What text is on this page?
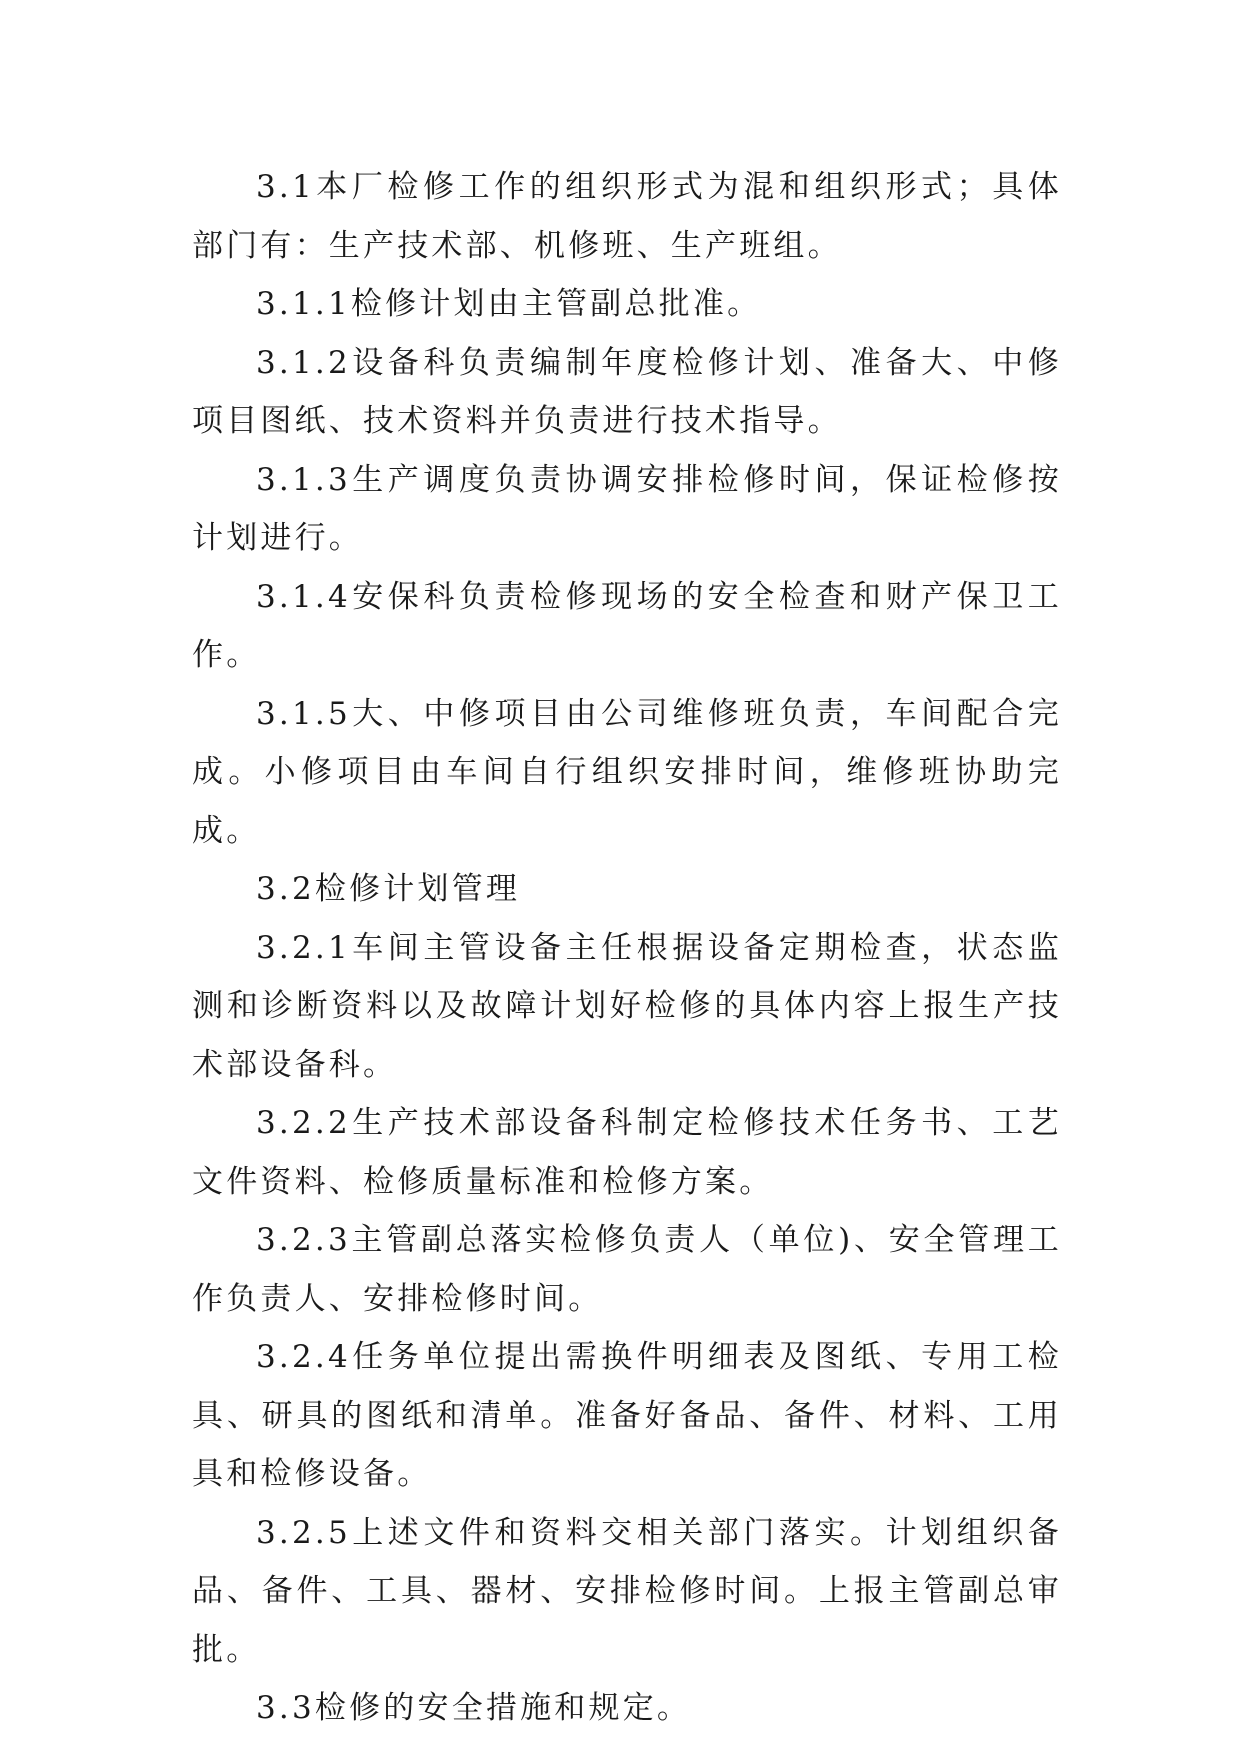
3.1本厂检修工作的组织形式为混和组织形式；具体部门有：生产技术部、机修班、生产班组。

3.1.1检修计划由主管副总批准。

3.1.2设备科负责编制年度检修计划、准备大、中修项目图纸、技术资料并负责进行技术指导。

3.1.3生产调度负责协调安排检修时间，保证检修按计划进行。

3.1.4安保科负责检修现场的安全检查和财产保卫工作。

3.1.5大、中修项目由公司维修班负责，车间配合完成。小修项目由车间自行组织安排时间，维修班协助完成。

3.2检修计划管理

3.2.1车间主管设备主任根据设备定期检查，状态监测和诊断资料以及故障计划好检修的具体内容上报生产技术部设备科。

3.2.2生产技术部设备科制定检修技术任务书、工艺文件资料、检修质量标准和检修方案。

3.2.3主管副总落实检修负责人（单位)、安全管理工作负责人、安排检修时间。

3.2.4任务单位提出需换件明细表及图纸、专用工检具、研具的图纸和清单。准备好备品、备件、材料、工用具和检修设备。

3.2.5上述文件和资料交相关部门落实。计划组织备品、备件、工具、器材、安排检修时间。上报主管副总审批。

3.3检修的安全措施和规定。
